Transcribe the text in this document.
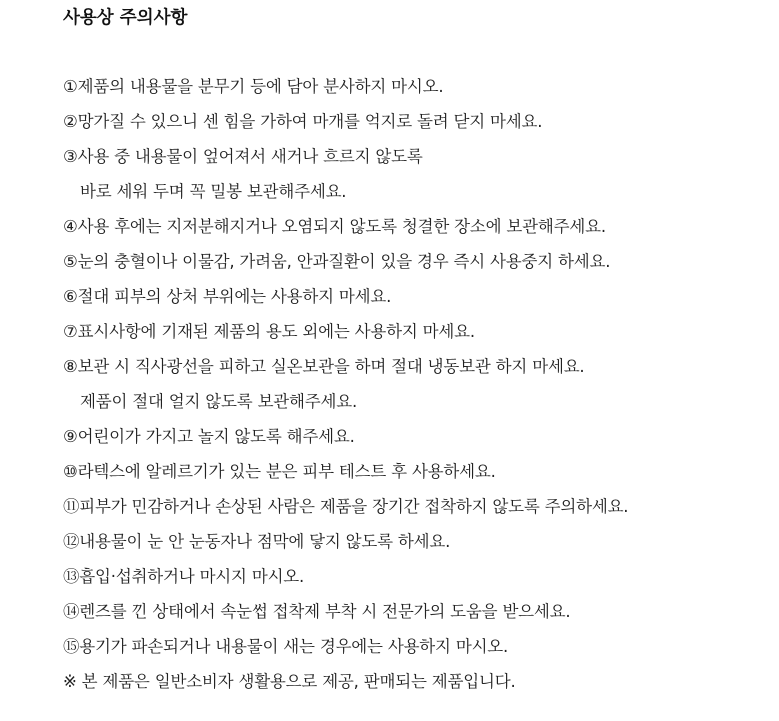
사용상 주의사항
①제품의 내용물을 분무기 등에 담아 분사하지 마시오.
②망가질 수 있으니 센 힘을 가하여 마개를 억지로 돌려 닫지 마세요.
③사용 중 내용물이 엎어져서 새거나 흐르지 않도록
바로 세워 두며 꼭 밀봉 보관해주세요.
④사용 후에는 지저분해지거나 오염되지 않도록 청결한 장소에 보관해주세요.
⑤눈의 충혈이나 이물감, 가려움, 안과질환이 있을 경우 즉시 사용중지 하세요.
⑥절대 피부의 상처 부위에는 사용하지 마세요.
⑦표시사항에 기재된 제품의 용도 외에는 사용하지 마세요.
⑧보관 시 직사광선을 피하고 실온보관을 하며 절대 냉동보관 하지 마세요.
제품이 절대 얼지 않도록 보관해주세요.
⑨어린이가 가지고 놀지 않도록 해주세요.
⑩라텍스에 알레르기가 있는 분은 피부 테스트 후 사용하세요.
⑪피부가 민감하거나 손상된 사람은 제품을 장기간 접착하지 않도록 주의하세요.
⑫내용물이 눈 안 눈동자나 점막에 닿지 않도록 하세요.
⑬흡입·섭취하거나 마시지 마시오.
⑭렌즈를 낀 상태에서 속눈썹 접착제 부착 시 전문가의 도움을 받으세요.
⑮용기가 파손되거나 내용물이 새는 경우에는 사용하지 마시오.
※ 본 제품은 일반소비자 생활용으로 제공, 판매되는 제품입니다.
